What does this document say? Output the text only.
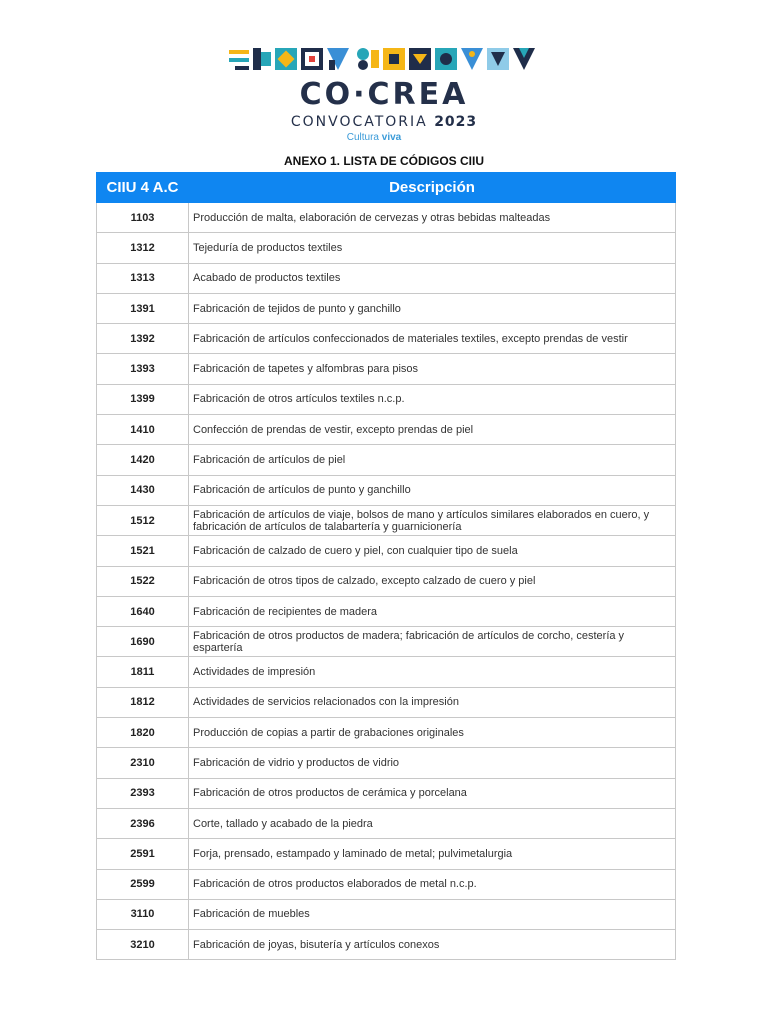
CO·CREA
CONVOCATORIA 2023
Cultura viva
ANEXO 1. LISTA DE CÓDIGOS CIIU
CIIU 4 A.C	Descripción
1103	Producción de malta, elaboración de cervezas y otras bebidas malteadas
1312	Tejeduría de productos textiles
1313	Acabado de productos textiles
1391	Fabricación de tejidos de punto y ganchillo
1392	Fabricación de artículos confeccionados de materiales textiles, excepto prendas de vestir
1393	Fabricación de tapetes y alfombras para pisos
1399	Fabricación de otros artículos textiles n.c.p.
1410	Confección de prendas de vestir, excepto prendas de piel
1420	Fabricación de artículos de piel
1430	Fabricación de artículos de punto y ganchillo
1512	Fabricación de artículos de viaje, bolsos de mano y artículos similares elaborados en cuero, y fabricación de artículos de talabartería y guarnicionería
1521	Fabricación de calzado de cuero y piel, con cualquier tipo de suela
1522	Fabricación de otros tipos de calzado, excepto calzado de cuero y piel
1640	Fabricación de recipientes de madera
1690	Fabricación de otros productos de madera; fabricación de artículos de corcho, cestería y espartería
1811	Actividades de impresión
1812	Actividades de servicios relacionados con la impresión
1820	Producción de copias a partir de grabaciones originales
2310	Fabricación de vidrio y productos de vidrio
2393	Fabricación de otros productos de cerámica y porcelana
2396	Corte, tallado y acabado de la piedra
2591	Forja, prensado, estampado y laminado de metal; pulvimetalurgia
2599	Fabricación de otros productos elaborados de metal n.c.p.
3110	Fabricación de muebles
3210	Fabricación de joyas, bisutería y artículos conexos
